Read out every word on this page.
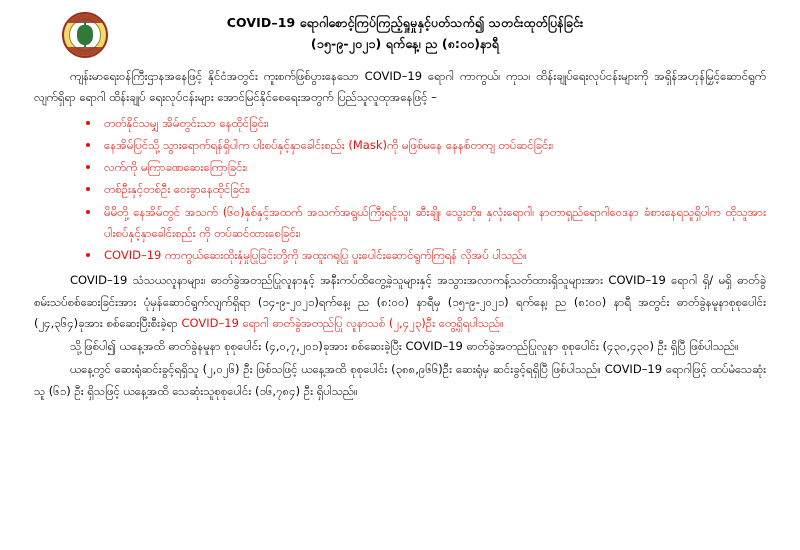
COVID–19 ရောဂါစောင့်ကြပ်ကြည့်ရှုမှုနှင့်ပတ်သက်၍ သတင်းထုတ်ပြန်ခြင်း
(၁၅-၉-၂၀၂၁) ရက်နေ့၊ ည (၈:၀၀)နာရီ

ကျန်းမာရေးဝန်ကြီးဌာနအနေဖြင့် နိုင်ငံအတွင်း ကူးစက်ဖြစ်ပွားနေသော COVID–19 ရောဂါ ကာကွယ်၊ ကုသ၊ ထိန်းချုပ်ရေးလုပ်ငန်းများကို အရှိန်အဟုန်မြှင့်ဆောင်ရွက်လျက်ရှိရာ ရောဂါ ထိန်းချုပ် ရေးလုပ်ငန်းများ အောင်မြင်နိုင်စေရေးအတွက် ပြည်သူလူထုအနေဖြင့် –

တတ်နိုင်သမျှ အိမ်တွင်းသာ နေထိုင်ခြင်း၊
နေအိမ်ပြင်သို့ သွားရောက်ရန်ရှိပါက ပါးစပ်နှင့်နှာခေါင်းစည်း (Mask)ကို မဖြစ်မနေ နေနစ်တကျ တပ်ဆင်ခြင်း၊
လက်ကို မကြာခဏဆေးကြောခြင်း၊
တစ်ဦးနှင့်တစ်ဦး ဝေးခွာနေထိုင်ခြင်း၊
မိမိတို့ နေအိမ်တွင် အသက် (၆၀)နှစ်နှင့်အထက် အသက်အရွယ်ကြီးရင့်သူ၊ ဆီးချို၊ သွေးတိုး၊ နှလုံးရောဂါ၊ နာတာရှည်ရောဂါဝေဒနာ ခံစားနေရသူရှိပါက ထိုသူအား ပါးစပ်နှင့်နှာခေါင်းစည်း ကို တပ်ဆင်ထားစေခြင်း၊
COVID–19 ကာကွယ်ဆေးထိုးနှံမှုပြုခြင်းတို့ကို အထူးဂရုပြု ပူးပေါင်းဆောင်ရွက်ကြရန် လိုအပ် ပါသည်။

COVID–19 သံသယလူနာများ၊ ဓာတ်ခွဲအတည်ပြုလူနာနှင့် အနီးကပ်ထိတွေ့ခဲ့သူများနှင့် အသွားအလာကန့်သတ်ထားရှိသူများအား COVID–19 ရောဂါ ရှိ/ မရှိ ဓာတ်ခွဲစမ်းသပ်စစ်ဆေးခြင်းအား ပုံမှန်ဆောင်ရွက်လျက်ရှိရာ (၁၄-၉-၂၀၂၁)ရက်နေ့၊ ည (၈:၀၀) နာရီမှ (၁၅-၉-၂၀၂၁) ရက်နေ့၊ ည (၈:၀၀) နာရီ အတွင်း ဓာတ်ခွဲနမူနာစုစုပေါင်း (၂၄,၃၆၄)ခုအား စစ်ဆေးပြီးစီးခဲ့ရာ COVID–19 ရောဂါ ဓာတ်ခွဲအတည်ပြု လူနာသစ် (၂,၄၂၃)ဦး တွေ့ရှိရပါသည်။

သို့ဖြစ်ပါ၍ ယနေ့အထိ ဓာတ်ခွဲနမူနာ စုစုပေါင်း (၄,၀,၇,၂၀၁)ခုအား စစ်ဆေးခဲ့ပြီး COVID–19 ဓာတ်ခွဲအတည်ပြုလူနာ စုစုပေါင်း (၄၃၀,၄၃၀) ဦး ရှိပြီ ဖြစ်ပါသည်။

ယနေ့တွင် ဆေးရုံဆင်းခွင့်ရရှိသူ (၂,၀၂၆) ဦး ဖြစ်သဖြင့် ယနေ့အထိ စုစုပေါင်း (၃၈၈,၉၆၆)ဦး ဆေးရုံမှ ဆင်းခွင့်ရရှိပြီ ဖြစ်ပါသည်။ COVID–19 ရောဂါဖြင့် ထပ်မံသေဆုံးသူ (၆၁) ဦး ရှိသဖြင့် ယနေ့အထိ သေဆုံးသူစုစုပေါင်း (၁၆,၇၈၄) ဦး ရှိပါသည်။
